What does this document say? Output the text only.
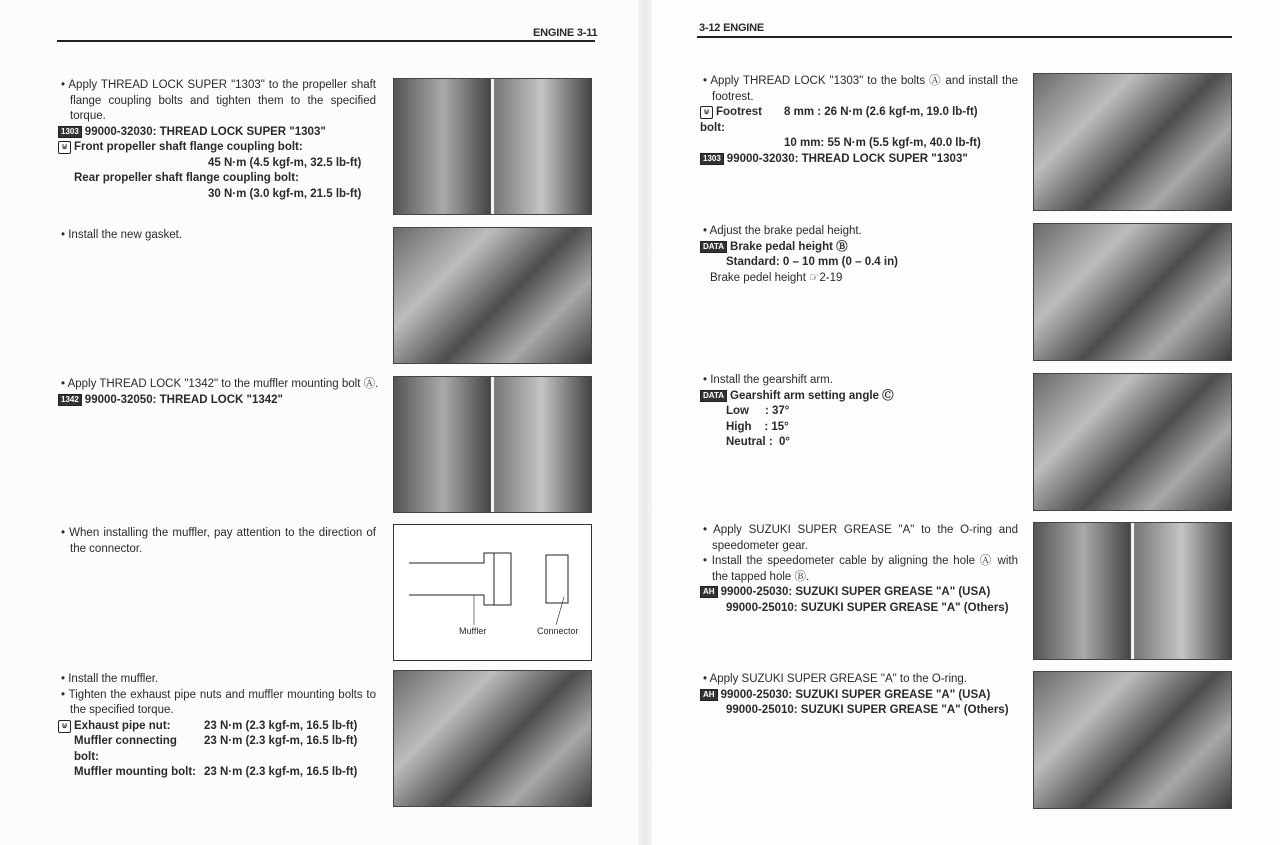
ENGINE 3-11
• Apply THREAD LOCK SUPER "1303" to the propeller shaft flange coupling bolts and tighten them to the specified torque.
1303 99000-32030: THREAD LOCK SUPER "1303"
⊍ Front propeller shaft flange coupling bolt:
45 N·m (4.5 kgf-m, 32.5 lb-ft)
Rear propeller shaft flange coupling bolt:
30 N·m (3.0 kgf-m, 21.5 lb-ft)
• Install the new gasket.
• Apply THREAD LOCK "1342" to the muffler mounting bolt Ⓐ.
1342 99000-32050: THREAD LOCK "1342"
• When installing the muffler, pay attention to the direction of the connector.
Muffler	Connector
• Install the muffler.
• Tighten the exhaust pipe nuts and muffler mounting bolts to the specified torque.
⊍ Exhaust pipe nut:	23 N·m (2.3 kgf-m, 16.5 lb-ft)
Muffler connecting bolt:
23 N·m (2.3 kgf-m, 16.5 lb-ft)
Muffler mounting bolt: 23 N·m (2.3 kgf-m, 16.5 lb-ft)
3-12 ENGINE
• Apply THREAD LOCK "1303" to the bolts Ⓐ and install the footrest.
⊍ Footrest bolt:
8 mm : 26 N·m (2.6 kgf-m, 19.0 lb-ft)
10 mm: 55 N·m (5.5 kgf-m, 40.0 lb-ft)
1303 99000-32030: THREAD LOCK SUPER "1303"
• Adjust the brake pedal height.
DATA Brake pedal height Ⓑ
Standard: 0 – 10 mm (0 – 0.4 in)
Brake pedel height ☞2-19
• Install the gearshift arm.
DATA Gearshift arm setting angle Ⓒ
Low     : 37°
High    : 15°
Neutral :  0°
• Apply SUZUKI SUPER GREASE "A" to the O-ring and speedometer gear.
• Install the speedometer cable by aligning the hole Ⓐ with the tapped hole Ⓑ.
AH 99000-25030: SUZUKI SUPER GREASE "A" (USA)
99000-25010: SUZUKI SUPER GREASE "A" (Others)
• Apply SUZUKI SUPER GREASE "A" to the O-ring.
AH 99000-25030: SUZUKI SUPER GREASE "A" (USA)
99000-25010: SUZUKI SUPER GREASE "A" (Others)
